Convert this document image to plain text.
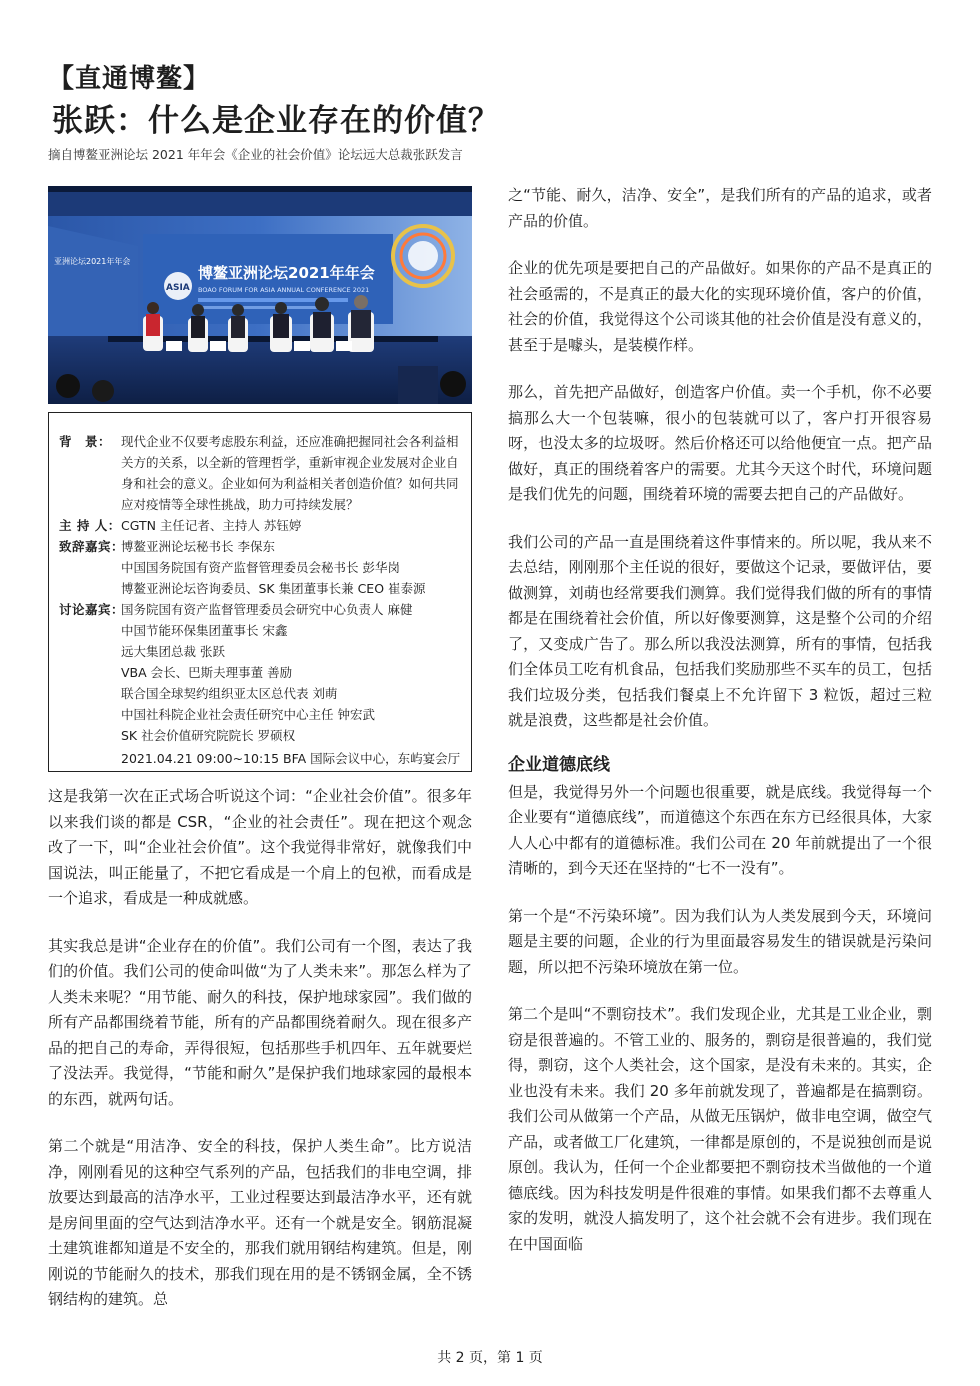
【直通博鳌】
张跃：什么是企业存在的价值？
摘自博鳌亚洲论坛 2021 年年会《企业的社会价值》论坛远大总裁张跃发言
亚洲论坛2021年年会
ASIA
博鳌亚洲论坛2021年年会
BOAO FORUM FOR ASIA ANNUAL CONFERENCE 2021
背　景： 现代企业不仅要考虑股东利益，还应准确把握同社会各利益相关方的关系，以全新的管理哲学，重新审视企业发展对企业自身和社会的意义。企业如何为利益相关者创造价值？如何共同应对疫情等全球性挑战，助力可持续发展？
主 持 人： CGTN 主任记者、主持人 苏钰婷
致辞嘉宾：
博鳌亚洲论坛秘书长 李保东
中国国务院国有资产监督管理委员会秘书长 彭华岗
博鳌亚洲论坛咨询委员、SK 集团董事长兼 CEO 崔泰源
讨论嘉宾：
国务院国有资产监督管理委员会研究中心负责人 麻健
中国节能环保集团董事长 宋鑫
远大集团总裁 张跃
VBA 会长、巴斯夫理事董 善励
联合国全球契约组织亚太区总代表 刘萌
中国社科院企业社会责任研究中心主任 钟宏武
SK 社会价值研究院院长 罗硕权
2021.04.21 09:00~10:15 BFA 国际会议中心，东屿宴会厅

这是我第一次在正式场合听说这个词：“企业社会价值”。很多年以来我们谈的都是 CSR，“企业的社会责任”。现在把这个观念改了一下，叫“企业社会价值”。这个我觉得非常好，就像我们中国说法，叫正能量了，不把它看成是一个肩上的包袱，而看成是一个追求，看成是一种成就感。

其实我总是讲“企业存在的价值”。我们公司有一个图，表达了我们的价值。我们公司的使命叫做“为了人类未来”。那怎么样为了人类未来呢？“用节能、耐久的科技，保护地球家园”。我们做的所有产品都围绕着节能，所有的产品都围绕着耐久。现在很多产品的把自己的寿命，弄得很短，包括那些手机四年、五年就要烂了没法弄。我觉得，“节能和耐久”是保护我们地球家园的最根本的东西，就两句话。

第二个就是“用洁净、安全的科技，保护人类生命”。比方说洁净，刚刚看见的这种空气系列的产品，包括我们的非电空调，排放要达到最高的洁净水平，工业过程要达到最洁净水平，还有就是房间里面的空气达到洁净水平。还有一个就是安全。钢筋混凝土建筑谁都知道是不安全的，那我们就用钢结构建筑。但是，刚刚说的节能耐久的技术，那我们现在用的是不锈钢金属，全不锈钢结构的建筑。总

之“节能、耐久，洁净、安全”，是我们所有的产品的追求，或者产品的价值。

企业的优先项是要把自己的产品做好。如果你的产品不是真正的社会亟需的，不是真正的最大化的实现环境价值，客户的价值，社会的价值，我觉得这个公司谈其他的社会价值是没有意义的，甚至于是噱头，是装模作样。

那么，首先把产品做好，创造客户价值。卖一个手机，你不必要搞那么大一个包装嘛，很小的包装就可以了，客户打开很容易呀，也没太多的垃圾呀。然后价格还可以给他便宜一点。把产品做好，真正的围绕着客户的需要。尤其今天这个时代，环境问题是我们优先的问题，围绕着环境的需要去把自己的产品做好。

我们公司的产品一直是围绕着这件事情来的。所以呢，我从来不去总结，刚刚那个主任说的很好，要做这个记录，要做评估，要做测算，刘萌也经常要我们测算。我们觉得我们做的所有的事情都是在围绕着社会价值，所以好像要测算，这是整个公司的介绍了，又变成广告了。那么所以我没法测算，所有的事情，包括我们全体员工吃有机食品，包括我们奖励那些不买车的员工，包括我们垃圾分类，包括我们餐桌上不允许留下 3 粒饭，超过三粒就是浪费，这些都是社会价值。

企业道德底线

但是，我觉得另外一个问题也很重要，就是底线。我觉得每一个企业要有“道德底线”，而道德这个东西在东方已经很具体，大家人人心中都有的道德标准。我们公司在 20 年前就提出了一个很清晰的，到今天还在坚持的“七不一没有”。

第一个是“不污染环境”。因为我们认为人类发展到今天，环境问题是主要的问题，企业的行为里面最容易发生的错误就是污染问题，所以把不污染环境放在第一位。

第二个是叫“不剽窃技术”。我们发现企业，尤其是工业企业，剽窃是很普遍的。不管工业的、服务的，剽窃是很普遍的，我们觉得，剽窃，这个人类社会，这个国家，是没有未来的。其实，企业也没有未来。我们 20 多年前就发现了，普遍都是在搞剽窃。我们公司从做第一个产品，从做无压锅炉，做非电空调，做空气产品，或者做工厂化建筑，一律都是原创的，不是说独创而是说原创。我认为，任何一个企业都要把不剽窃技术当做他的一个道德底线。因为科技发明是件很难的事情。如果我们都不去尊重人家的发明，就没人搞发明了，这个社会就不会有进步。我们现在在中国面临

共 2 页，第 1 页
